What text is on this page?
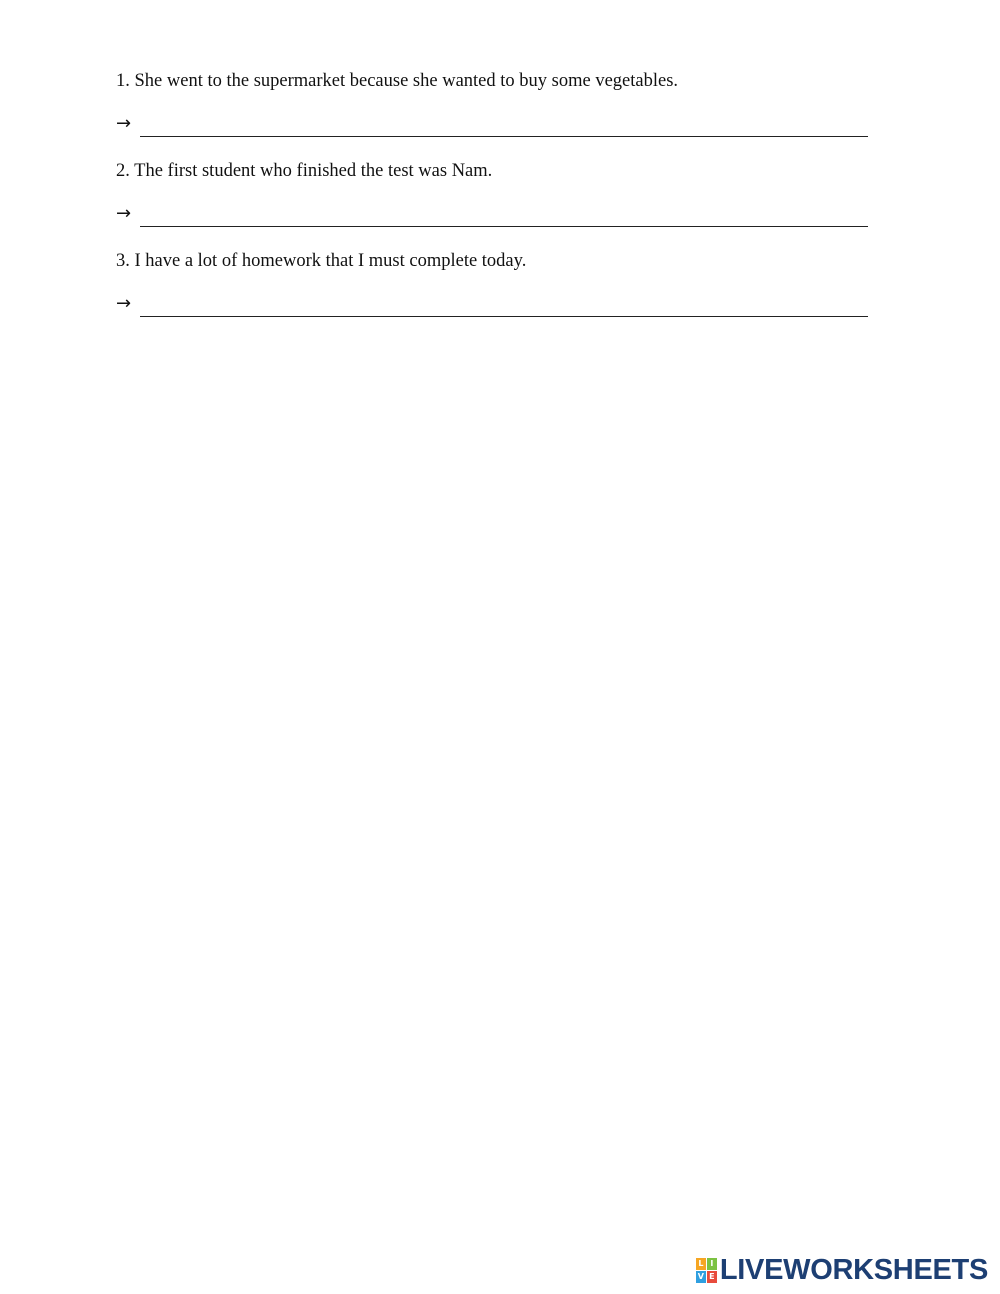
1. She went to the supermarket because she wanted to buy some vegetables.

→

2. The first student who finished the test was Nam.

→

3. I have a lot of homework that I must complete today.

→
L I
V E LIVEWORKSHEETS
